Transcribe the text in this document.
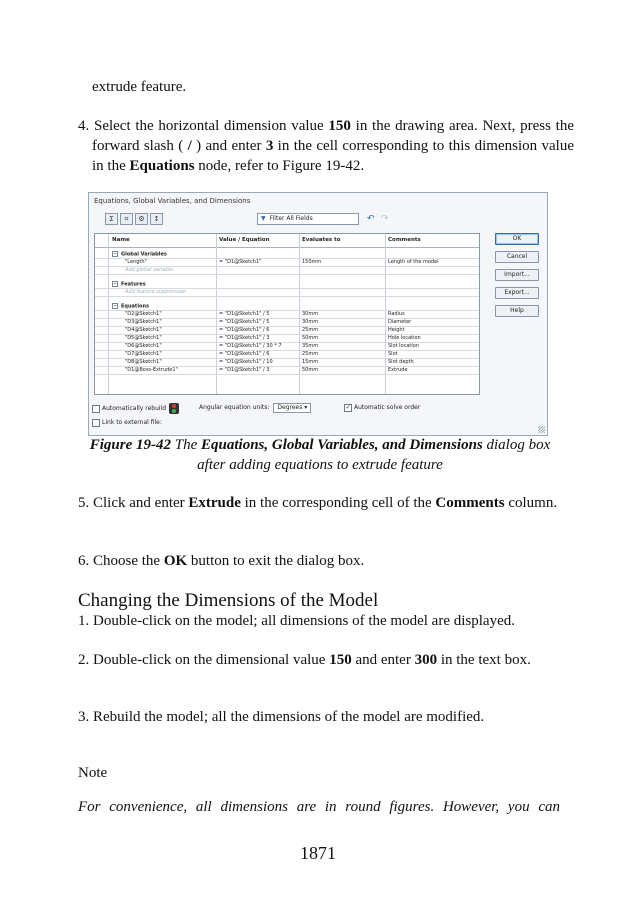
extrude feature.
4. Select the horizontal dimension value 150 in the drawing area. Next, press the forward slash ( / ) and enter 3 in the cell corresponding to this dimension value in the Equations node, refer to Figure 19-42.
Equations, Global Variables, and Dimensions
Σ	⌗	⚙	↕	▼ Filter All Fields	↶ ↷
Name	Value / Equation	Evaluates to	Comments
− Global Variables
"Length"	= "D1@Sketch1"	150mm	Length of the model
Add global variable
− Features
Add feature suppression
− Equations
"D2@Sketch1"	= "D1@Sketch1" / 5	30mm	Radius
"D3@Sketch1"	= "D1@Sketch1" / 5	30mm	Diameter
"D4@Sketch1"	= "D1@Sketch1" / 6	25mm	Height
"D5@Sketch1"	= "D1@Sketch1" / 3	50mm	Hole location
"D6@Sketch1"	= "D1@Sketch1" / 30 * 7	35mm	Slot location
"D7@Sketch1"	= "D1@Sketch1" / 6	25mm	Slot
"D8@Sketch1"	= "D1@Sketch1" / 10	15mm	Slot depth
"D1@Boss-Extrude1"	= "D1@Sketch1" / 3	50mm	Extrude
OK
Cancel
Import...
Export...
Help
Automatically rebuild	Angular equation units: Degrees ▾	✓ Automatic solve order
Link to external file:
Figure 19-42 The Equations, Global Variables, and Dimensions dialog box after adding equations to extrude feature
5. Click and enter Extrude in the corresponding cell of the Comments column.
6. Choose the OK button to exit the dialog box.
Changing the Dimensions of the Model
1. Double-click on the model; all dimensions of the model are displayed.
2. Double-click on the dimensional value 150 and enter 300 in the text box.
3. Rebuild the model; all the dimensions of the model are modified.
Note
For convenience, all dimensions are in round figures. However, you can
1871
